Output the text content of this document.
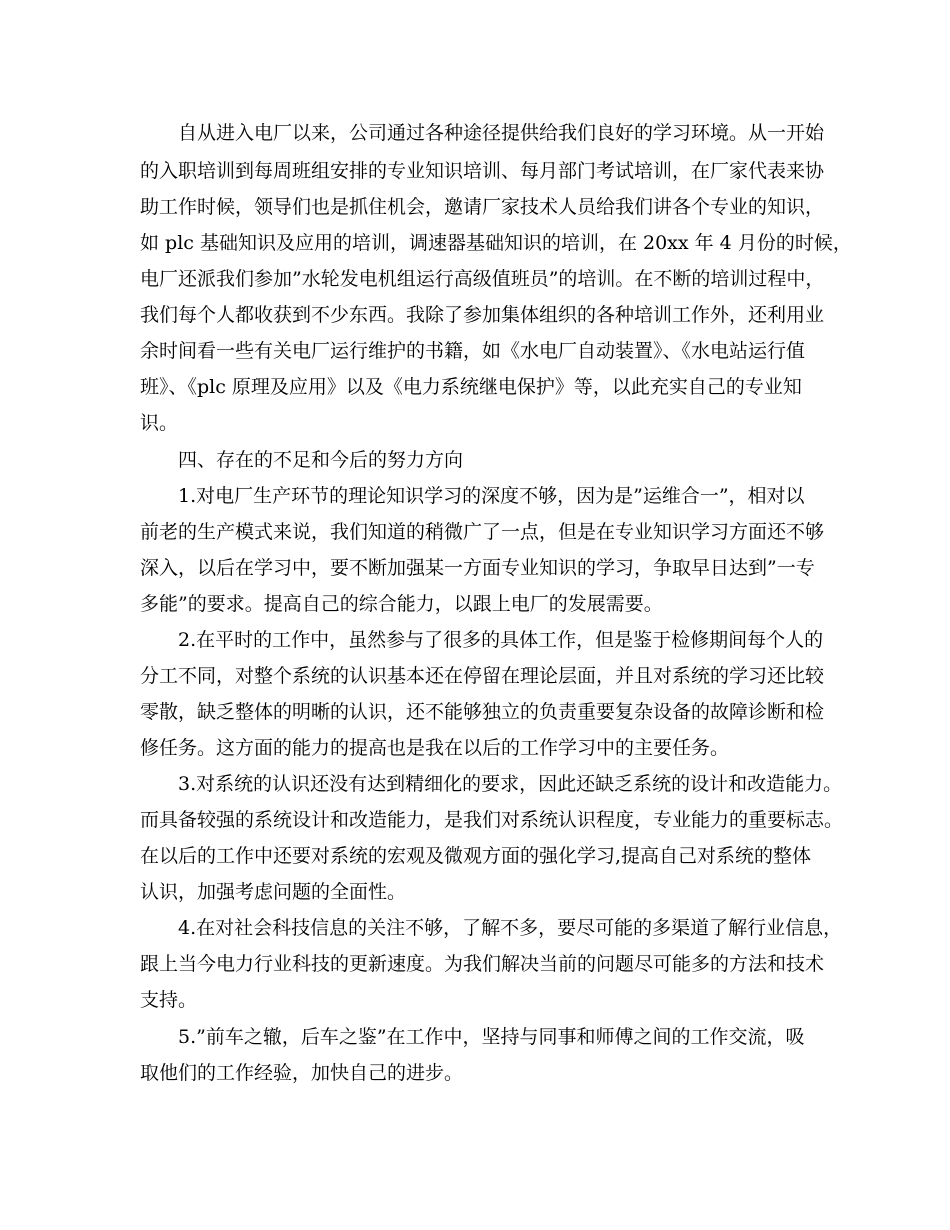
自从进入电厂以来，公司通过各种途径提供给我们良好的学习环境。从一开始
的入职培训到每周班组安排的专业知识培训、每月部门考试培训，在厂家代表来协
助工作时候，领导们也是抓住机会，邀请厂家技术人员给我们讲各个专业的知识，
如 plc 基础知识及应用的培训，调速器基础知识的培训，在 20xx 年 4 月份的时候，
电厂还派我们参加”水轮发电机组运行高级值班员”的培训。在不断的培训过程中，
我们每个人都收获到不少东西。我除了参加集体组织的各种培训工作外，还利用业
余时间看一些有关电厂运行维护的书籍，如《水电厂自动装置》、《水电站运行值
班》、《plc 原理及应用》以及《电力系统继电保护》等，以此充实自己的专业知
识。
四、存在的不足和今后的努力方向
1.对电厂生产环节的理论知识学习的深度不够，因为是”运维合一”，相对以
前老的生产模式来说，我们知道的稍微广了一点，但是在专业知识学习方面还不够
深入，以后在学习中，要不断加强某一方面专业知识的学习，争取早日达到”一专
多能”的要求。提高自己的综合能力，以跟上电厂的发展需要。
2.在平时的工作中，虽然参与了很多的具体工作，但是鉴于检修期间每个人的
分工不同，对整个系统的认识基本还在停留在理论层面，并且对系统的学习还比较
零散，缺乏整体的明晰的认识，还不能够独立的负责重要复杂设备的故障诊断和检
修任务。这方面的能力的提高也是我在以后的工作学习中的主要任务。
3.对系统的认识还没有达到精细化的要求，因此还缺乏系统的设计和改造能力。
而具备较强的系统设计和改造能力，是我们对系统认识程度，专业能力的重要标志。
在以后的工作中还要对系统的宏观及微观方面的强化学习,提高自己对系统的整体
认识，加强考虑问题的全面性。
4.在对社会科技信息的关注不够，了解不多，要尽可能的多渠道了解行业信息，
跟上当今电力行业科技的更新速度。为我们解决当前的问题尽可能多的方法和技术
支持。
5.”前车之辙，后车之鉴”在工作中，坚持与同事和师傅之间的工作交流，吸
取他们的工作经验，加快自己的进步。
